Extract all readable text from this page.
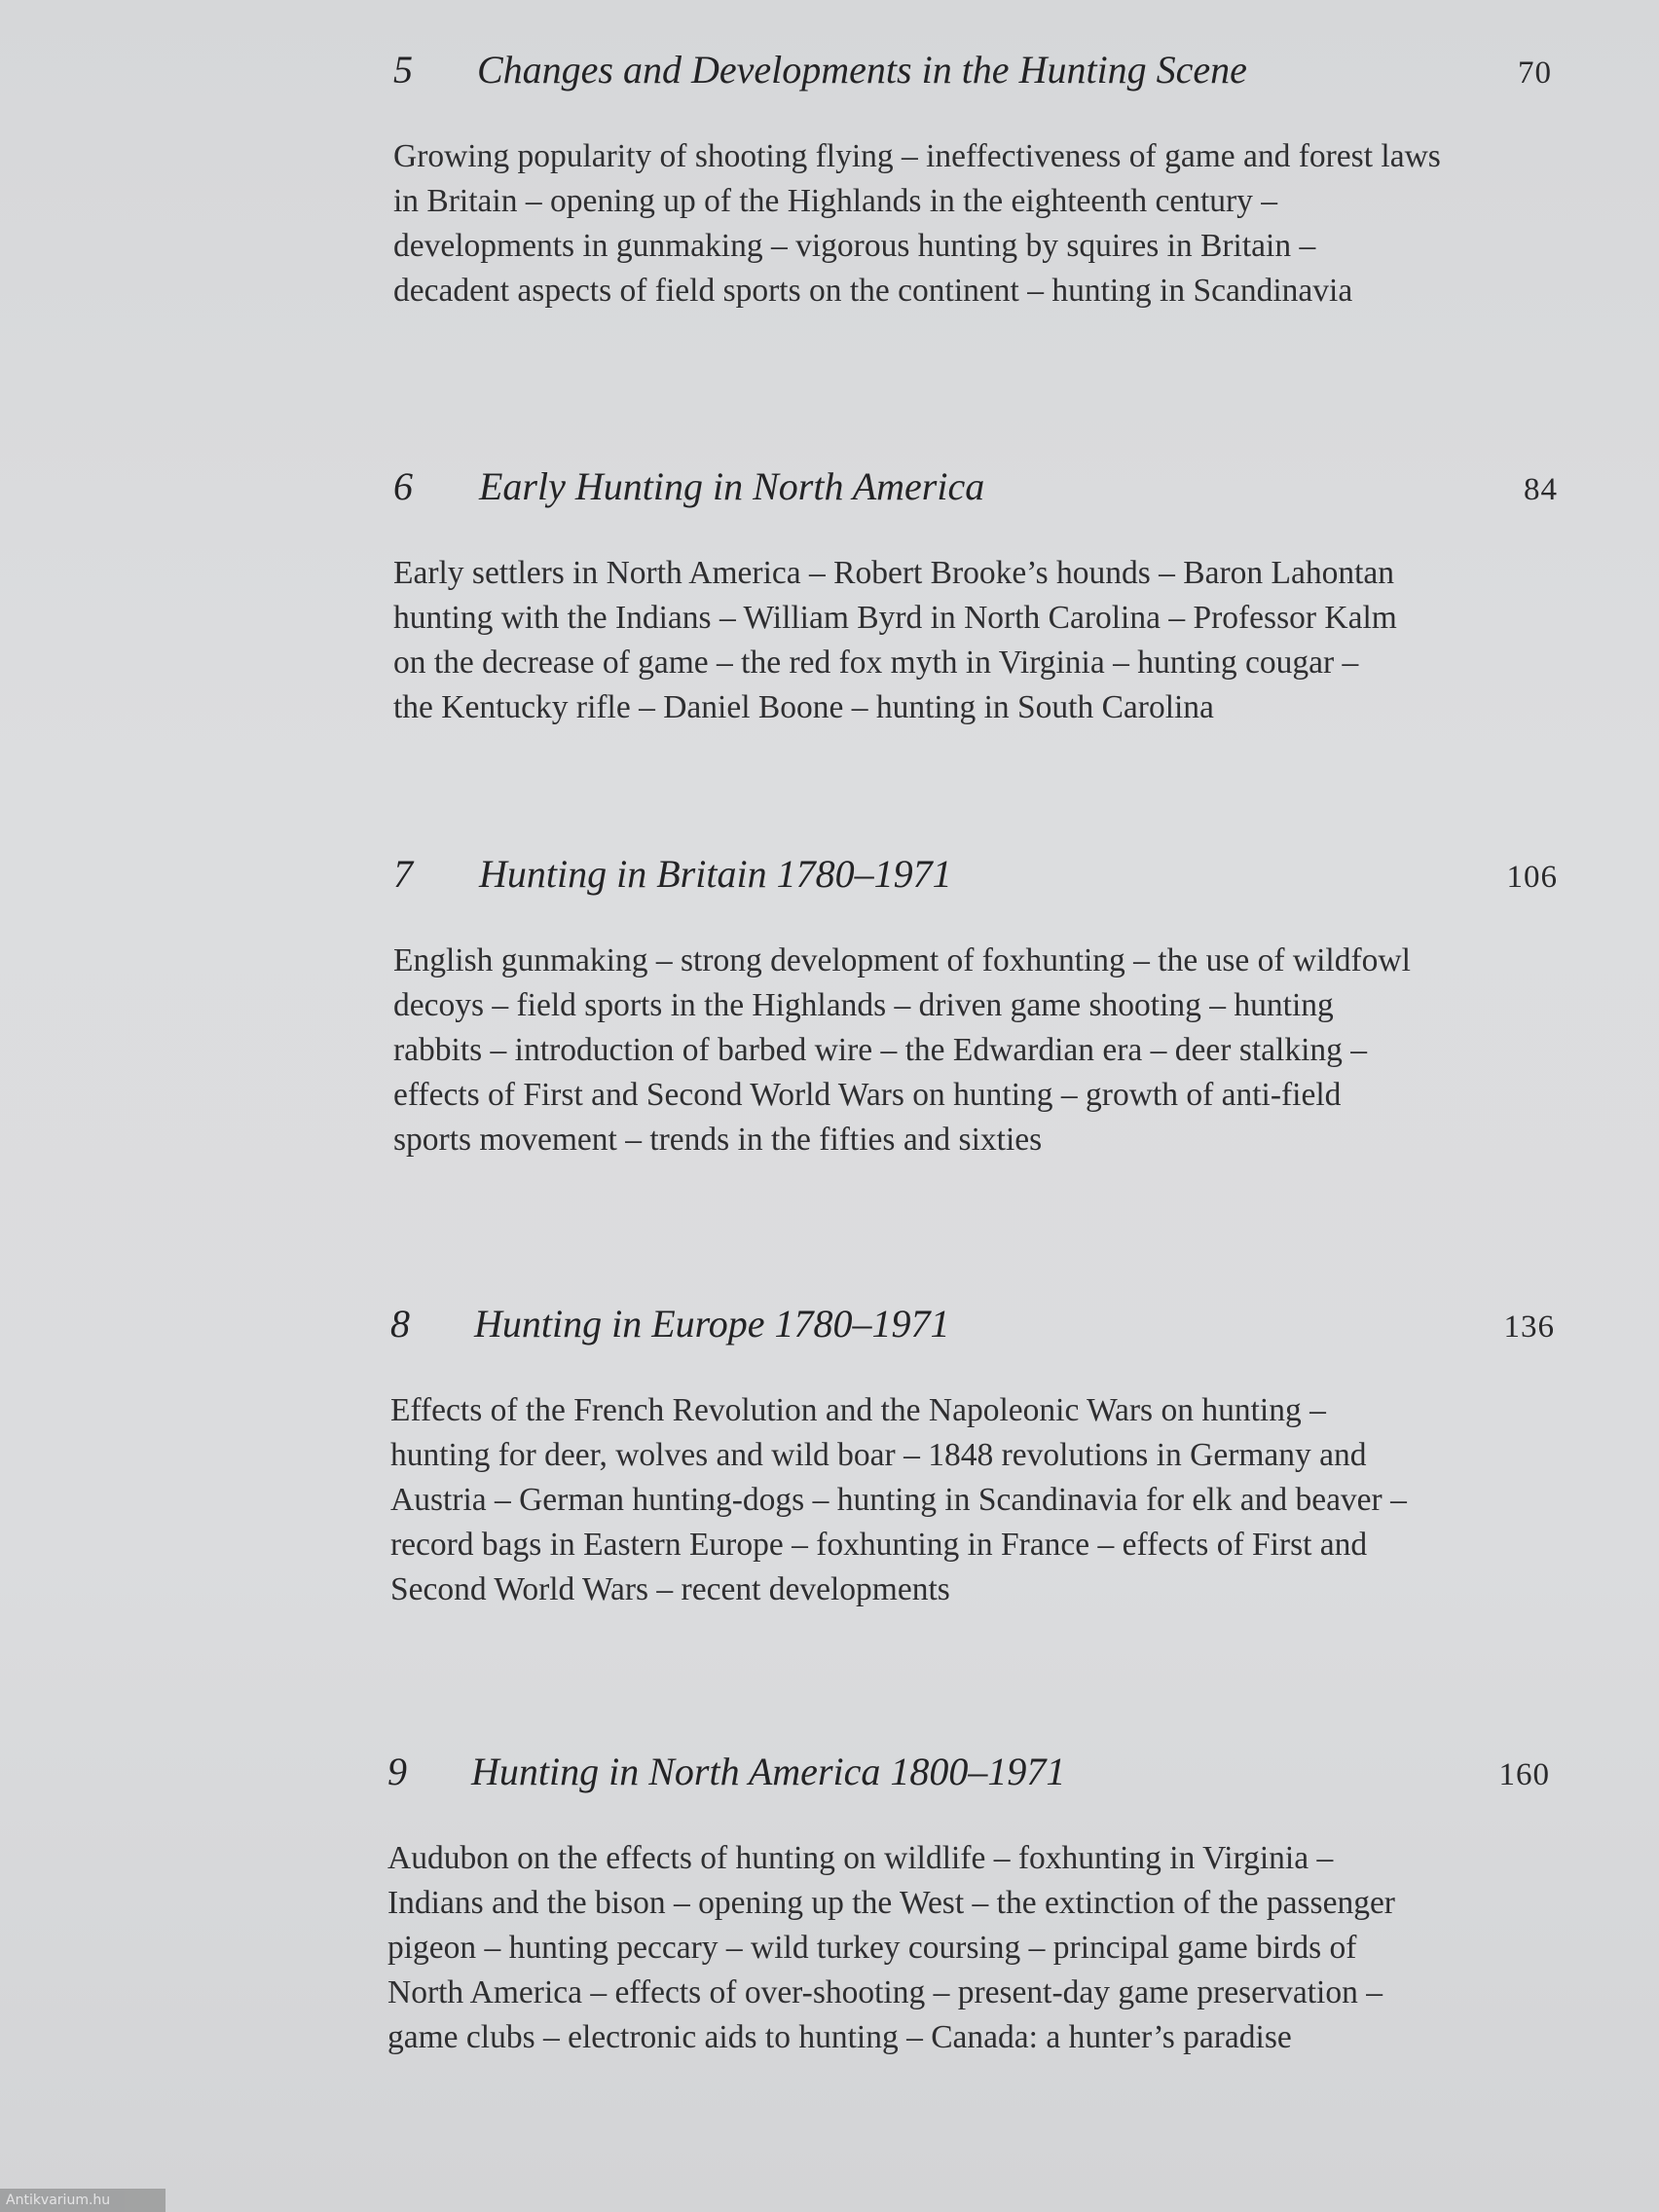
5 Changes and Developments in the Hunting Scene	70
Growing popularity of shooting flying – ineffectiveness of game and forest laws
in Britain – opening up of the Highlands in the eighteenth century –
developments in gunmaking – vigorous hunting by squires in Britain –
decadent aspects of field sports on the continent – hunting in Scandinavia
6 Early Hunting in North America	84
Early settlers in North America – Robert Brooke’s hounds – Baron Lahontan
hunting with the Indians – William Byrd in North Carolina – Professor Kalm
on the decrease of game – the red fox myth in Virginia – hunting cougar –
the Kentucky rifle – Daniel Boone – hunting in South Carolina
7 Hunting in Britain 1780–1971	106
English gunmaking – strong development of foxhunting – the use of wildfowl
decoys – field sports in the Highlands – driven game shooting – hunting
rabbits – introduction of barbed wire – the Edwardian era – deer stalking –
effects of First and Second World Wars on hunting – growth of anti-field
sports movement – trends in the fifties and sixties
8 Hunting in Europe 1780–1971	136
Effects of the French Revolution and the Napoleonic Wars on hunting –
hunting for deer, wolves and wild boar – 1848 revolutions in Germany and
Austria – German hunting-dogs – hunting in Scandinavia for elk and beaver –
record bags in Eastern Europe – foxhunting in France – effects of First and
Second World Wars – recent developments
9 Hunting in North America 1800–1971	160
Audubon on the effects of hunting on wildlife – foxhunting in Virginia –
Indians and the bison – opening up the West – the extinction of the passenger
pigeon – hunting peccary – wild turkey coursing – principal game birds of
North America – effects of over-shooting – present-day game preservation –
game clubs – electronic aids to hunting – Canada: a hunter’s paradise
Antikvarium.hu
